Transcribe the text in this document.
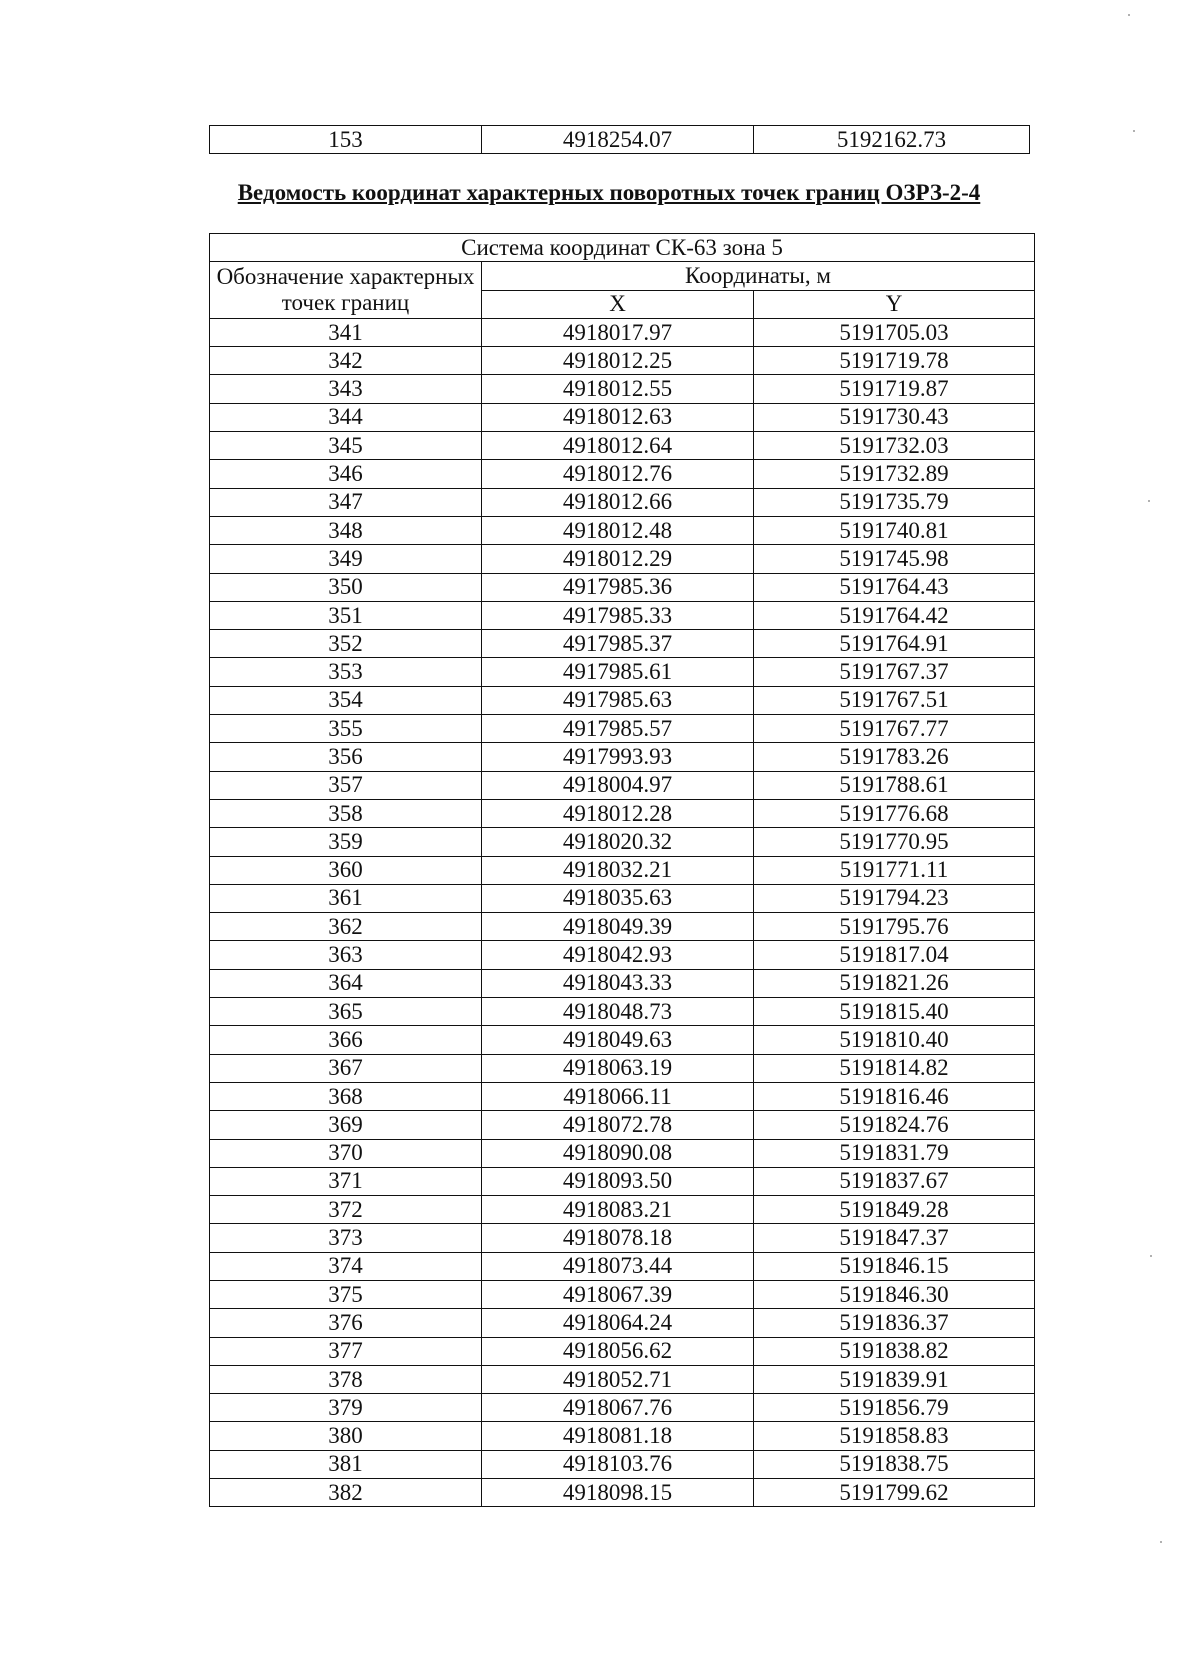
153	4918254.07	5192162.73
Ведомость координат характерных поворотных точек границ ОЗРЗ-2-4
Система координат СК-63 зона 5		
Обозначение характерных
точек границ	Координаты, м	
	X	Y
341	4918017.97	5191705.03
342	4918012.25	5191719.78
343	4918012.55	5191719.87
344	4918012.63	5191730.43
345	4918012.64	5191732.03
346	4918012.76	5191732.89
347	4918012.66	5191735.79
348	4918012.48	5191740.81
349	4918012.29	5191745.98
350	4917985.36	5191764.43
351	4917985.33	5191764.42
352	4917985.37	5191764.91
353	4917985.61	5191767.37
354	4917985.63	5191767.51
355	4917985.57	5191767.77
356	4917993.93	5191783.26
357	4918004.97	5191788.61
358	4918012.28	5191776.68
359	4918020.32	5191770.95
360	4918032.21	5191771.11
361	4918035.63	5191794.23
362	4918049.39	5191795.76
363	4918042.93	5191817.04
364	4918043.33	5191821.26
365	4918048.73	5191815.40
366	4918049.63	5191810.40
367	4918063.19	5191814.82
368	4918066.11	5191816.46
369	4918072.78	5191824.76
370	4918090.08	5191831.79
371	4918093.50	5191837.67
372	4918083.21	5191849.28
373	4918078.18	5191847.37
374	4918073.44	5191846.15
375	4918067.39	5191846.30
376	4918064.24	5191836.37
377	4918056.62	5191838.82
378	4918052.71	5191839.91
379	4918067.76	5191856.79
380	4918081.18	5191858.83
381	4918103.76	5191838.75
382	4918098.15	5191799.62
